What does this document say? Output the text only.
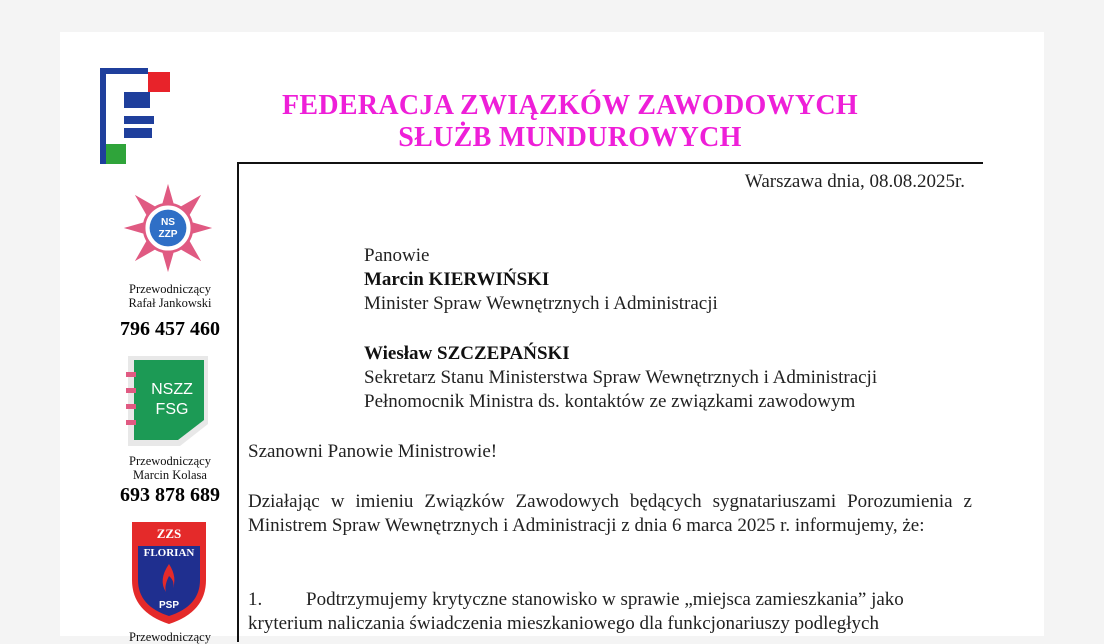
FEDERACJA ZWIĄZKÓW ZAWODOWYCH
SŁUŻB MUNDUROWYCH
NS
ZZP
Przewodniczący
Rafał Jankowski
796 457 460
NSZZ
FSG
Przewodniczący
Marcin Kolasa
693 878 689
ZZS
FLORIAN
PSP
Przewodniczący
Warszawa dnia, 08.08.2025r.
Panowie
Marcin KIERWIŃSKI
Minister Spraw Wewnętrznych i Administracji
Wiesław SZCZEPAŃSKI
Sekretarz Stanu Ministerstwa Spraw Wewnętrznych i Administracji
Pełnomocnik Ministra ds. kontaktów ze związkami zawodowym
Szanowni Panowie Ministrowie!
Działając w imieniu Związków Zawodowych będących sygnatariuszami Porozumienia z Ministrem Spraw Wewnętrznych i Administracji z dnia 6 marca 2025 r. informujemy, że:
1. Podtrzymujemy krytyczne stanowisko w sprawie „miejsca zamieszkania” jako kryterium naliczania świadczenia mieszkaniowego dla funkcjonariuszy podległych
